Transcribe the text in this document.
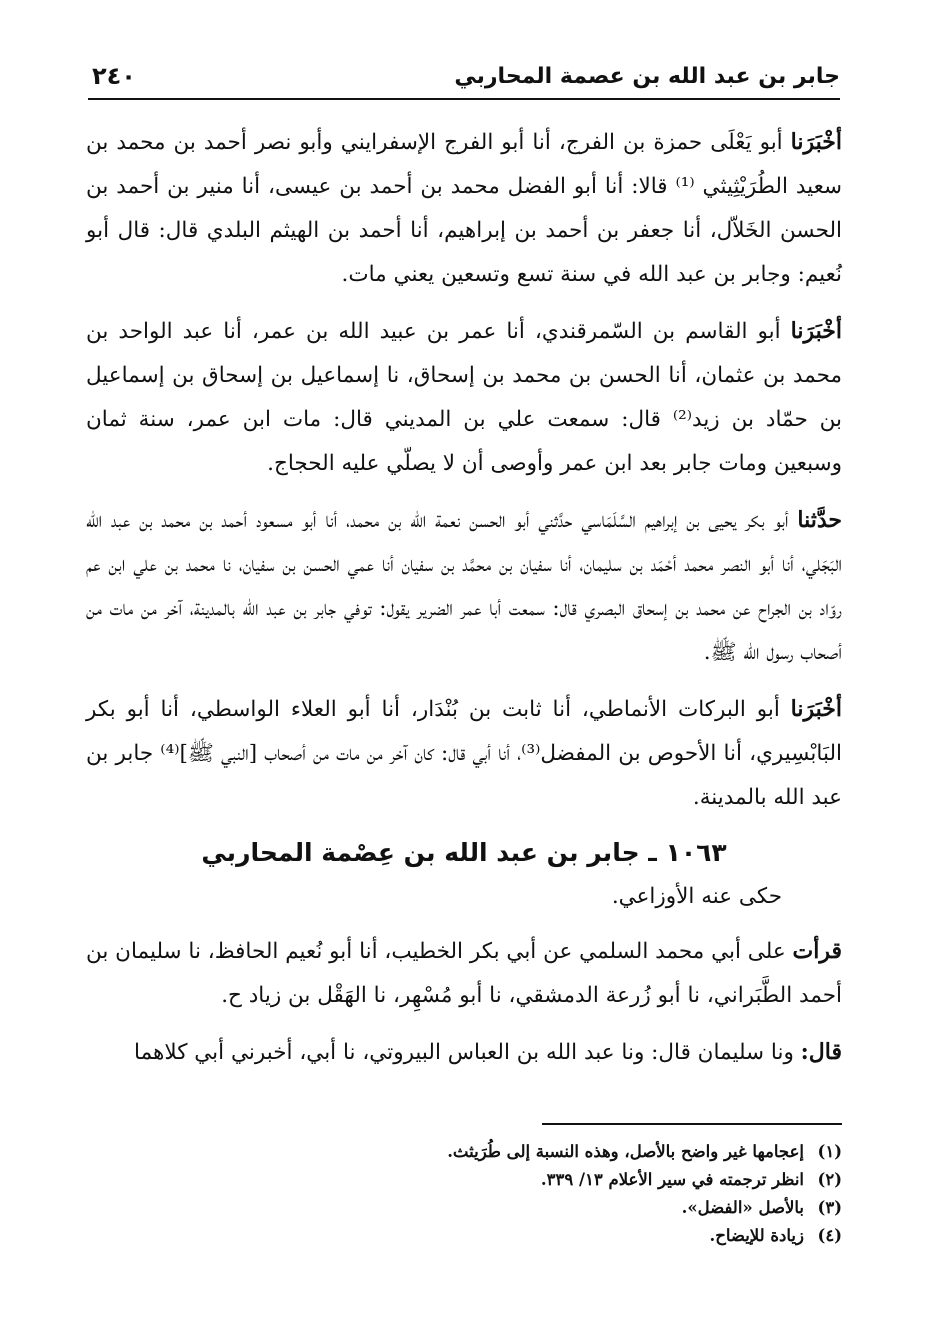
جابر بن عبد الله بن عصمة المحاربي
٢٤٠

أخْبَرَنا أبو يَعْلَى حمزة بن الفرج، أنا أبو الفرج الإسفرايني وأبو نصر أحمد بن محمد بن سعيد الطُرَيْثِيثي ⁽¹⁾ قالا: أنا أبو الفضل محمد بن أحمد بن عيسى، أنا منير بن أحمد بن الحسن الخَلاّل، أنا جعفر بن أحمد بن إبراهيم، أنا أحمد بن الهيثم البلدي قال: قال أبو نُعيم: وجابر بن عبد الله في سنة تسع وتسعين يعني مات.

أخْبَرَنا أبو القاسم بن السّمرقندي، أنا عمر بن عبيد الله بن عمر، أنا عبد الواحد بن محمد بن عثمان، أنا الحسن بن محمد بن إسحاق، نا إسماعيل بن إسحاق بن إسماعيل بن حمّاد بن زيد⁽²⁾ قال: سمعت علي بن المديني قال: مات ابن عمر، سنة ثمان وسبعين ومات جابر بعد ابن عمر وأوصى أن لا يصلّي عليه الحجاج.

حدَّثنا أبو بكر يحيى بن إبراهيم السَّلَمَاسي حدَّثني أبو الحسن نعمة الله بن محمد، أنا أبو مسعود أحمد بن محمد بن عبد الله البَجَلي، أنا أبو النصر محمد أحْمَد بن سليمان، أنا سفيان بن محمَّد بن سفيان أنا عمي الحسن بن سفيان، نا محمد بن علي ابن عم روّاد بن الجراح عن محمد بن إسحاق البصري قال: سمعت أبا عمر الضرير يقول: توفي جابر بن عبد الله بالمدينة، آخر من مات من أصحاب رسول الله ﷺ.

أخْبَرَنا أبو البركات الأنماطي، أنا ثابت بن بُنْدَار، أنا أبو العلاء الواسطي، أنا أبو بكر البَابْسِيري، أنا الأحوص بن المفضل⁽³⁾، أنا أبي قال: كان آخر من مات من أصحاب [النبي ﷺ]⁽⁴⁾ جابر بن عبد الله بالمدينة.

١٠٦٣ ـ جابر بن عبد الله بن عِصْمة المحاربي
حكى عنه الأوزاعي.

قرأت على أبي محمد السلمي عن أبي بكر الخطيب، أنا أبو نُعيم الحافظ، نا سليمان بن أحمد الطَّبَراني، نا أبو زُرعة الدمشقي، نا أبو مُسْهِر، نا الهَقْل بن زياد ح.

قال: ونا سليمان قال: ونا عبد الله بن العباس البيروتي، نا أبي، أخبرني أبي كلاهما

(١)إعجامها غير واضح بالأصل، وهذه النسبة إلى طُرَيثث.
(٢)انظر ترجمته في سير الأعلام ١٣/ ٣٣٩.
(٣)بالأصل «الفضل».
(٤)زيادة للإيضاح.
